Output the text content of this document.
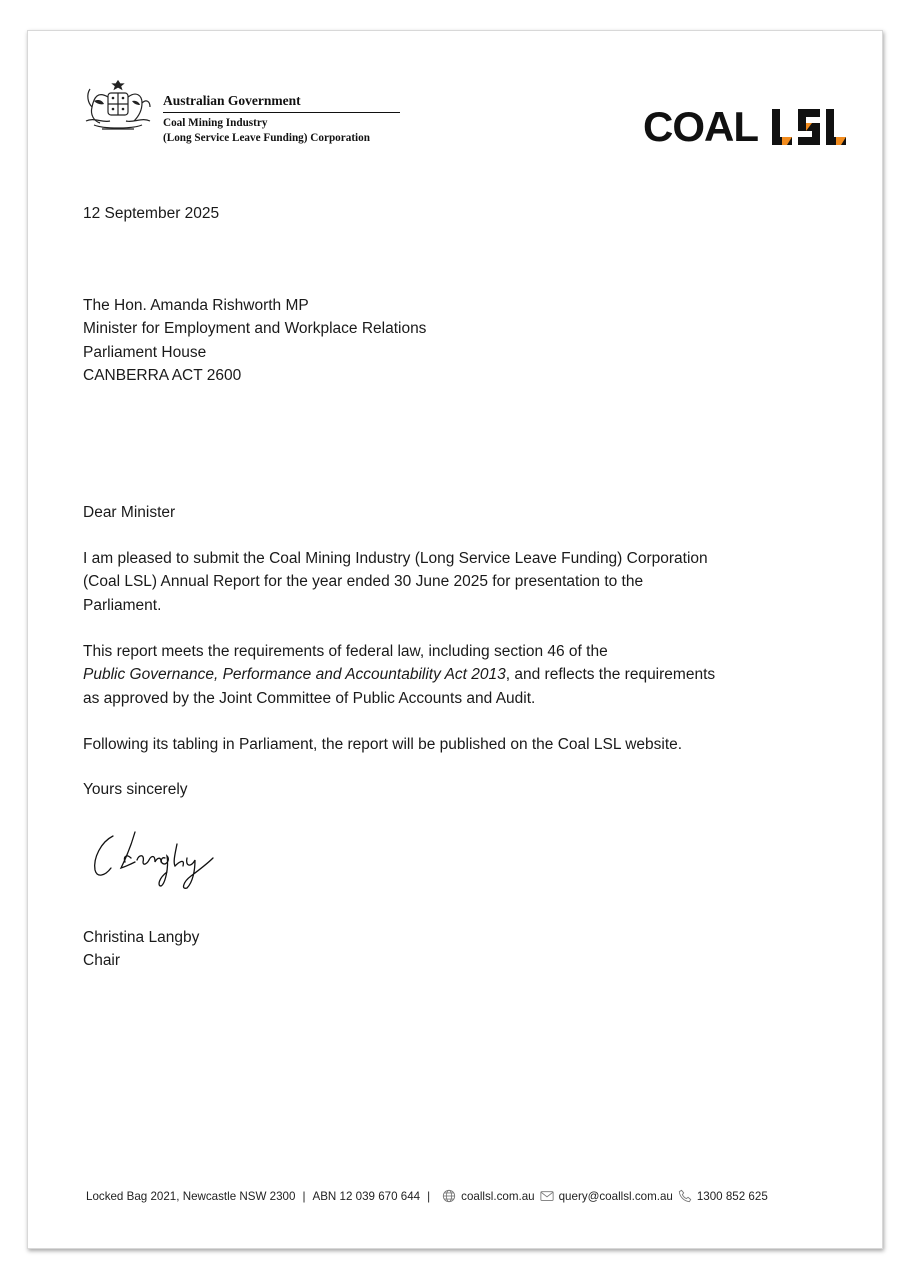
Australian Government
Coal Mining Industry
(Long Service Leave Funding) Corporation	COAL
12 September 2025
The Hon. Amanda Rishworth MP
Minister for Employment and Workplace Relations
Parliament House
CANBERRA ACT 2600
Dear Minister
I am pleased to submit the Coal Mining Industry (Long Service Leave Funding) Corporation
(Coal LSL) Annual Report for the year ended 30 June 2025 for presentation to the
Parliament.
This report meets the requirements of federal law, including section 46 of the
Public Governance, Performance and Accountability Act 2013, and reflects the requirements
as approved by the Joint Committee of Public Accounts and Audit.
Following its tabling in Parliament, the report will be published on the Coal LSL website.
Yours sincerely
Christina Langby
Chair
Locked Bag 2021, Newcastle NSW 2300 | ABN 12 039 670 644 |	coallsl.com.au query@coallsl.com.au 1300 852 625
